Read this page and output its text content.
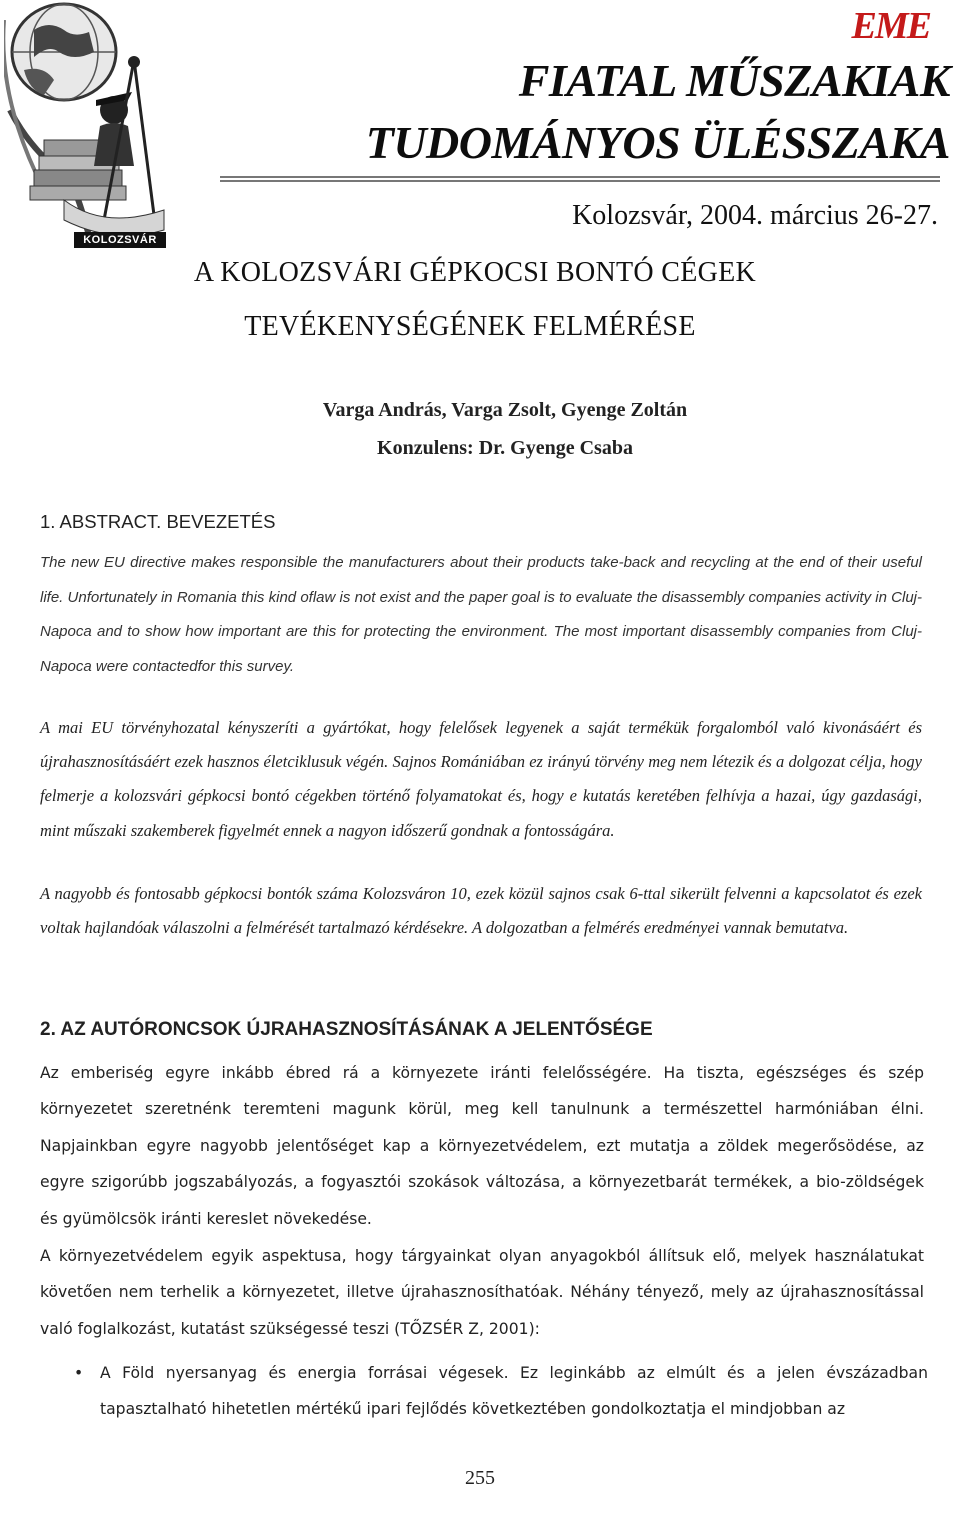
KOLOZSVÁR
EME
FIATAL MŰSZAKIAK
TUDOMÁNYOS ÜLÉSSZAKA
Kolozsvár, 2004. március 26-27.
A KOLOZSVÁRI GÉPKOCSI BONTÓ CÉGEK
TEVÉKENYSÉGÉNEK FELMÉRÉSE
Varga András, Varga Zsolt, Gyenge Zoltán
Konzulens: Dr. Gyenge Csaba
1. ABSTRACT. BEVEZETÉS

The new EU directive makes responsible the manufacturers about their products take-back and recycling at the end of their useful life. Unfortunately in Romania this kind oflaw is not exist and the paper goal is to evaluate the disassembly companies activity in Cluj-Napoca and to show how important are this for protecting the environment. The most important disassembly companies from Cluj-Napoca were contactedfor this survey.

A mai EU törvényhozatal kényszeríti a gyártókat, hogy felelősek legyenek a saját termékük forgalomból való kivonásáért és újrahasznosításáért ezek hasznos életciklusuk végén. Sajnos Romániában ez irányú törvény meg nem létezik és a dolgozat célja, hogy felmerje a kolozsvári gépkocsi bontó cégekben történő folyamatokat és, hogy e kutatás keretében felhívja a hazai, úgy gazdasági, mint műszaki szakemberek figyelmét ennek a nagyon időszerű gondnak a fontosságára.

A nagyobb és fontosabb gépkocsi bontók száma Kolozsváron 10, ezek közül sajnos csak 6-ttal sikerült felvenni a kapcsolatot és ezek voltak hajlandóak válaszolni a felmérését tartalmazó kérdésekre. A dolgozatban a felmérés eredményei vannak bemutatva.

2. AZ AUTÓRONCSOK ÚJRAHASZNOSÍTÁSÁNAK A JELENTŐSÉGE

Az emberiség egyre inkább ébred rá a környezete iránti felelősségére. Ha tiszta, egészséges és szép környezetet szeretnénk teremteni magunk körül, meg kell tanulnunk a természettel harmóniában élni. Napjainkban egyre nagyobb jelentőséget kap a környezetvédelem, ezt mutatja a zöldek megerősödése, az egyre szigorúbb jogszabályozás, a fogyasztói szokások változása, a környezetbarát termékek, a bio-zöldségek és gyümölcsök iránti kereslet növekedése.

A környezetvédelem egyik aspektusa, hogy tárgyainkat olyan anyagokból állítsuk elő, melyek használatukat követően nem terhelik a környezetet, illetve újrahasznosíthatóak. Néhány tényező, mely az újrahasznosítással való foglalkozást, kutatást szükségessé teszi (TŐZSÉR Z, 2001):

• A Föld nyersanyag és energia forrásai végesek. Ez leginkább az elmúlt és a jelen évszázadban tapasztalható hihetetlen mértékű ipari fejlődés következtében gondolkoztatja el mindjobban az
255
